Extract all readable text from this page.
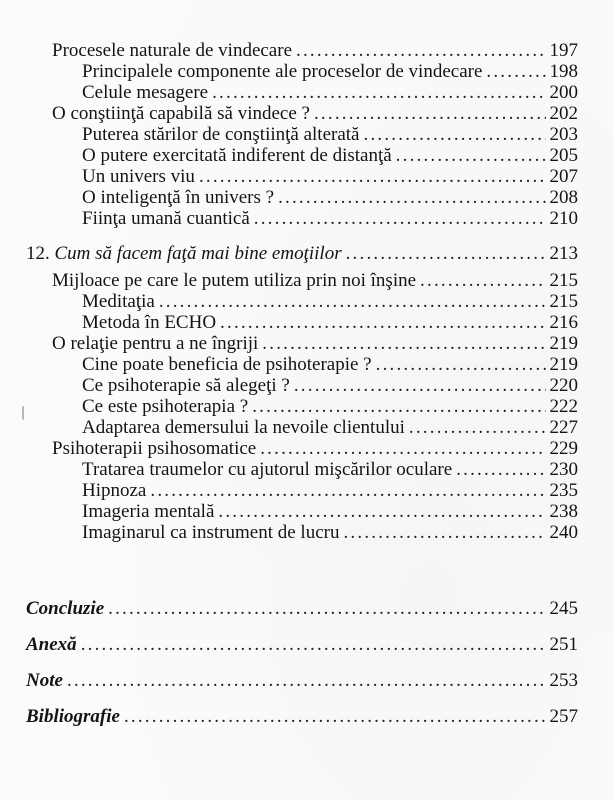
Procesele naturale de vindecare .....	197
Principalele componente ale proceselor de vindecare .....	198
Celule mesagere .....	200
O conştiinţă capabilă să vindece ? .....	202
Puterea stărilor de conştiinţă alterată .....	203
O putere exercitată indiferent de distanţă .....	205
Un univers viu .....	207
O inteligenţă în univers ? .....	208
Fiinţa umană cuantică .....	210
12. Cum să facem faţă mai bine emoţiilor .....	213
Mijloace pe care le putem utiliza prin noi înşine .....	215
Meditaţia .....	215
Metoda în ECHO .....	216
O relaţie pentru a ne îngriji .....	219
Cine poate beneficia de psihoterapie ? .....	219
Ce psihoterapie să alegeţi ? .....	220
Ce este psihoterapia ? .....	222
Adaptarea demersului la nevoile clientului .....	227
Psihoterapii psihosomatice .....	229
Tratarea traumelor cu ajutorul mişcărilor oculare .....	230
Hipnoza .....	235
Imageria mentală .....	238
Imaginarul ca instrument de lucru .....	240
Concluzie .....	245
Anexă .....	251
Note .....	253
Bibliografie .....	257
